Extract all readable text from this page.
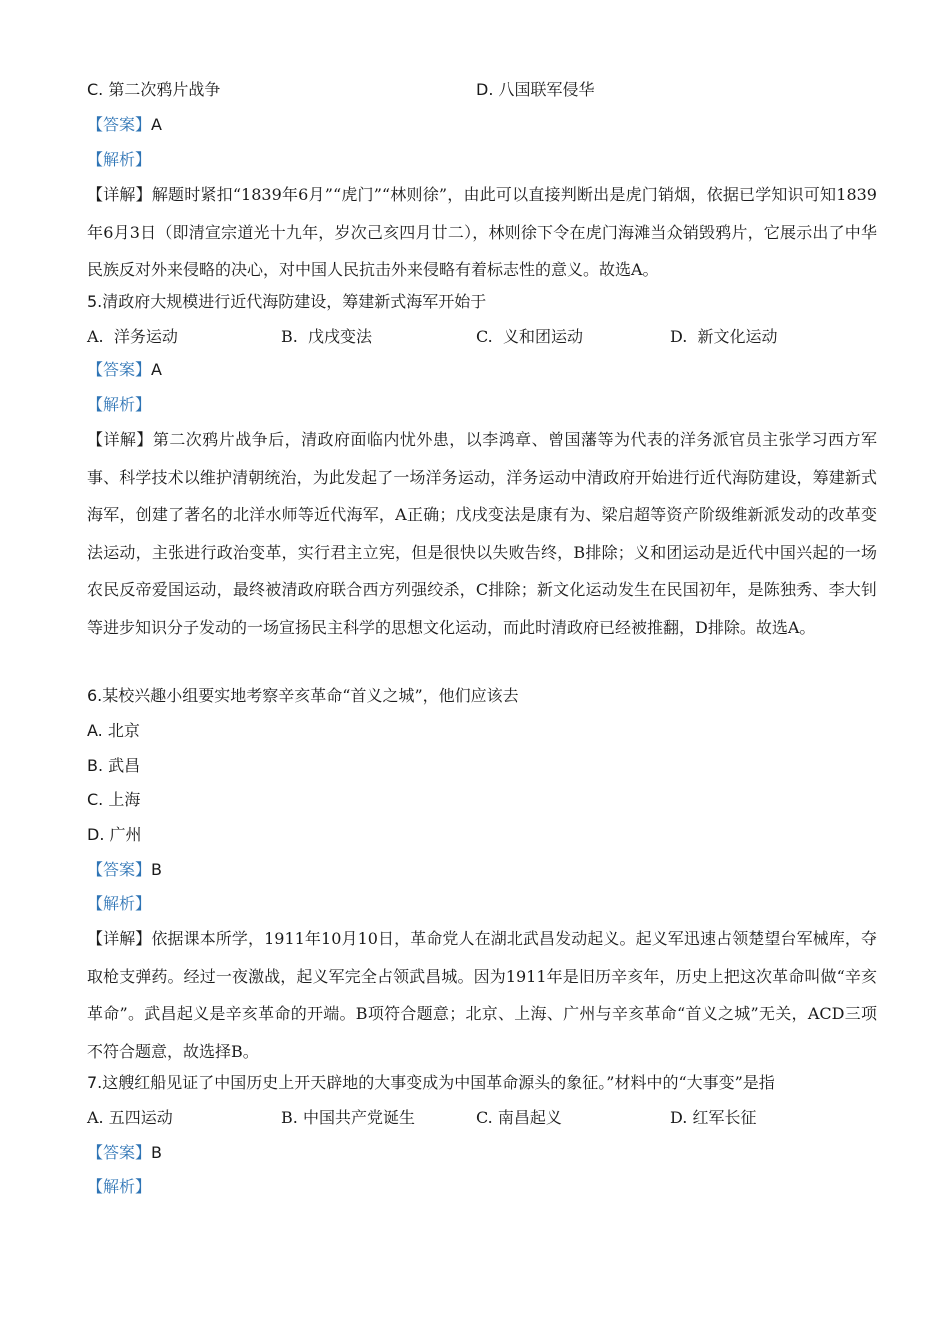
C. 第二次鸦片战争	D. 八国联军侵华
【答案】A
【解析】
【详解】解题时紧扣“1839年6月”“虎门”“林则徐”，由此可以直接判断出是虎门销烟，依据已学知识可知1839年6月3日（即清宣宗道光十九年，岁次己亥四月廿二），林则徐下令在虎门海滩当众销毁鸦片，它展示出了中华民族反对外来侵略的决心，对中国人民抗击外来侵略有着标志性的意义。故选A。
5.清政府大规模进行近代海防建设，筹建新式海军开始于
A. 洋务运动	B. 戊戌变法	C. 义和团运动	D. 新文化运动
【答案】A
【解析】
【详解】第二次鸦片战争后，清政府面临内忧外患，以李鸿章、曾国藩等为代表的洋务派官员主张学习西方军事、科学技术以维护清朝统治，为此发起了一场洋务运动，洋务运动中清政府开始进行近代海防建设，筹建新式海军，创建了著名的北洋水师等近代海军，A正确；戊戌变法是康有为、梁启超等资产阶级维新派发动的改革变法运动，主张进行政治变革，实行君主立宪，但是很快以失败告终，B排除；义和团运动是近代中国兴起的一场农民反帝爱国运动，最终被清政府联合西方列强绞杀，C排除；新文化运动发生在民国初年，是陈独秀、李大钊等进步知识分子发动的一场宣扬民主科学的思想文化运动，而此时清政府已经被推翻，D排除。故选A。
6.某校兴趣小组要实地考察辛亥革命“首义之城”，他们应该去
A. 北京
B. 武昌
C. 上海
D. 广州
【答案】B
【解析】
【详解】依据课本所学，1911年10月10日，革命党人在湖北武昌发动起义。起义军迅速占领楚望台军械库，夺取枪支弹药。经过一夜激战，起义军完全占领武昌城。因为1911年是旧历辛亥年，历史上把这次革命叫做“辛亥革命”。武昌起义是辛亥革命的开端。B项符合题意；北京、上海、广州与辛亥革命“首义之城”无关，ACD三项不符合题意，故选择B。
7.这艘红船见证了中国历史上开天辟地的大事变成为中国革命源头的象征。”材料中的“大事变”是指
A. 五四运动	B. 中国共产党诞生	C. 南昌起义	D. 红军长征
【答案】B
【解析】
